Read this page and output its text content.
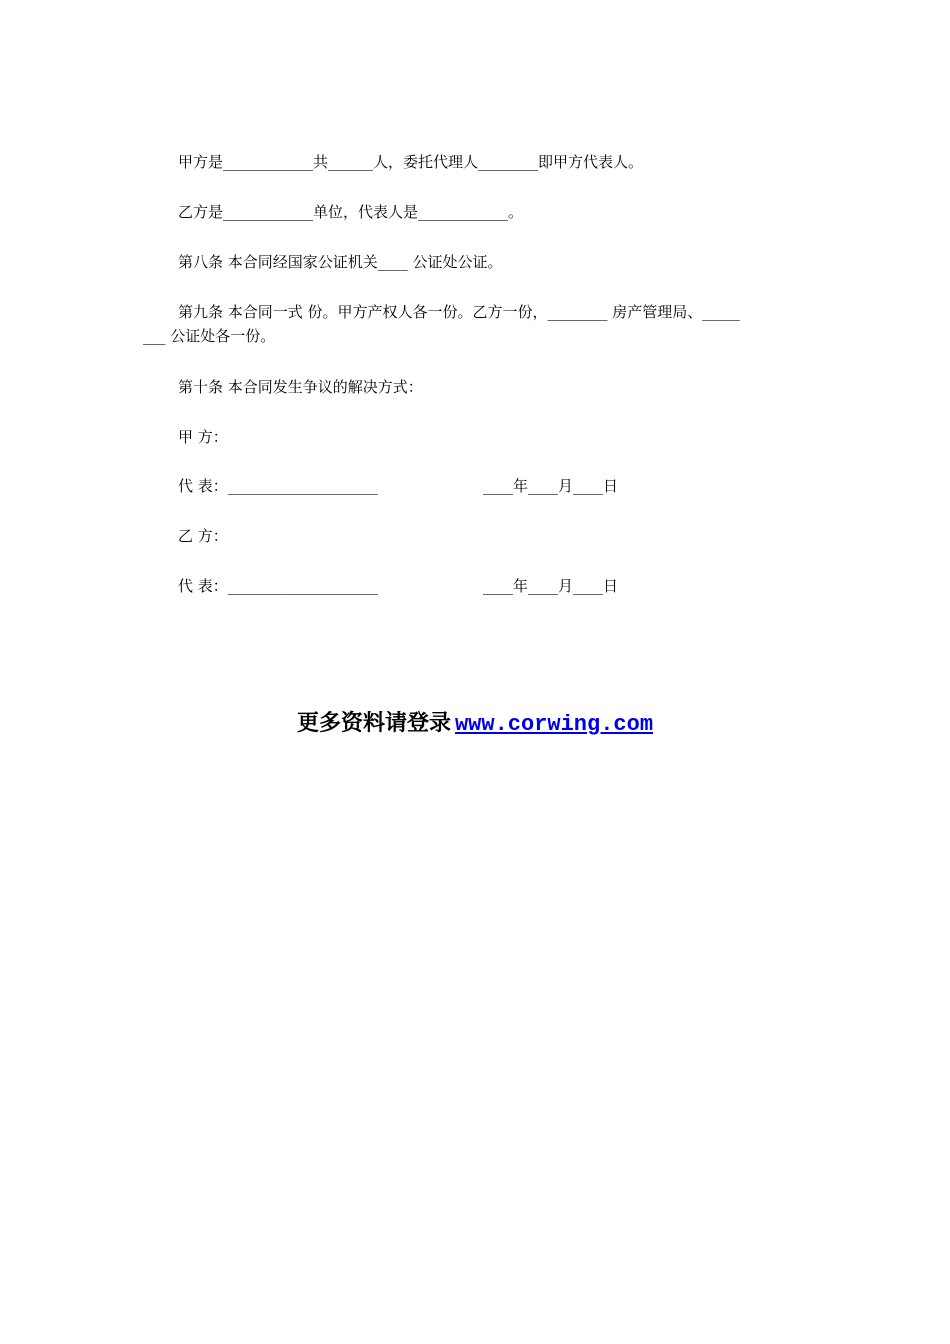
甲方是____________共______人，委托代理人________即甲方代表人。
乙方是____________单位，代表人是____________。
第八条 本合同经国家公证机关____ 公证处公证。
第九条 本合同一式 份。甲方产权人各一份。乙方一份，________ 房产管理局、_____
___ 公证处各一份。
第十条 本合同发生争议的解决方式：
甲 方：
代 表：____________________	____年____月____日
乙 方：
代 表：____________________	____年____月____日
更多资料请登录 www.corwing.com
